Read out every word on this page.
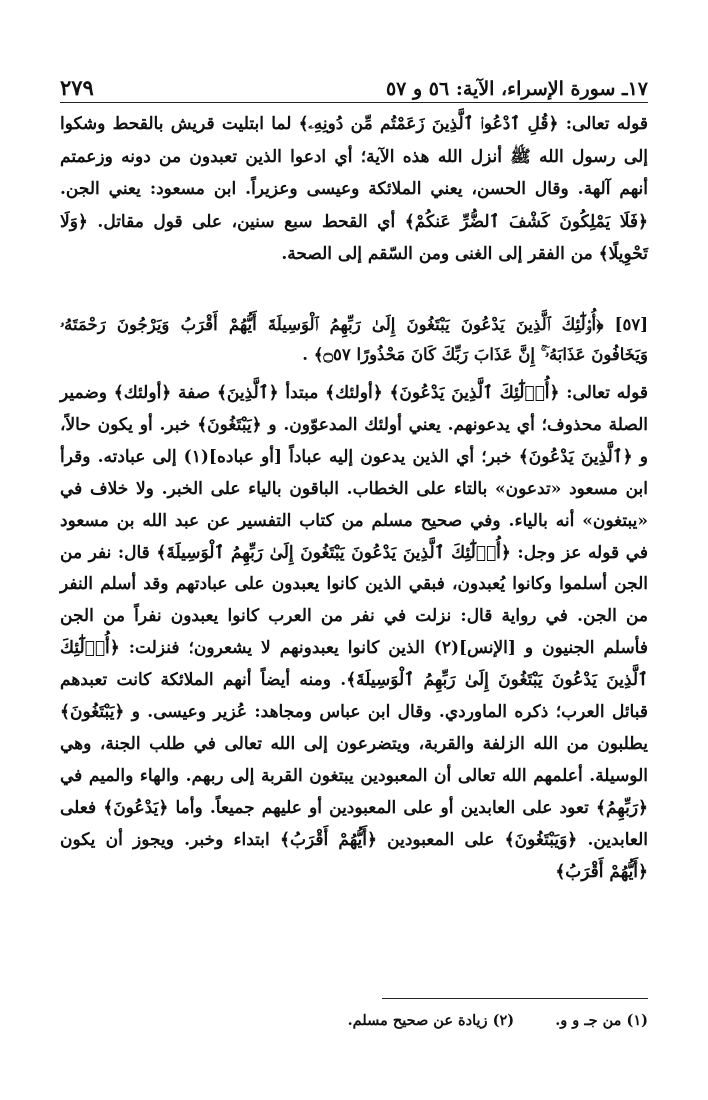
١٧ـ سورة الإسراء، الآية: ٥٦ و ٥٧
٢٧٩

قوله تعالى: ﴿قُلِ ٱدْعُوا۟ ٱلَّذِينَ زَعَمْتُم مِّن دُونِهِۦ﴾ لما ابتليت قريش بالقحط وشكوا إلى رسول الله ﷺ أنزل الله هذه الآية؛ أي ادعوا الذين تعبدون من دونه وزعمتم أنهم آلهة. وقال الحسن، يعني الملائكة وعيسى وعزيراً. ابن مسعود: يعني الجن. ﴿فَلَا يَمْلِكُونَ كَشْفَ ٱلضُّرِّ عَنكُمْ﴾ أي القحط سبع سنين، على قول مقاتل. ﴿وَلَا تَحْوِيلًا﴾ من الفقر إلى الغنى ومن السّقم إلى الصحة.

[٥٧] ﴿أُو۟لَٰٓئِكَ ٱلَّذِينَ يَدْعُونَ يَبْتَغُونَ إِلَىٰ رَبِّهِمُ ٱلْوَسِيلَةَ أَيُّهُمْ أَقْرَبُ وَيَرْجُونَ رَحْمَتَهُۥ وَيَخَافُونَ عَذَابَهُۥٓ ۚ إِنَّ عَذَابَ رَبِّكَ كَانَ مَحْذُورًا ۝٥٧﴾ .

قوله تعالى: ﴿أُو۟لَٰٓئِكَ ٱلَّذِينَ يَدْعُونَ﴾ ﴿أولئك﴾ مبتدأ ﴿ٱلَّذِينَ﴾ صفة ﴿أولئك﴾ وضمير الصلة محذوف؛ أي يدعونهم. يعني أولئك المدعوّون. و ﴿يَبْتَغُونَ﴾ خبر. أو يكون حالاً، و ﴿ٱلَّذِينَ يَدْعُونَ﴾ خبر؛ أي الذين يدعون إليه عباداً [أو عباده](١) إلى عبادته. وقرأ ابن مسعود «تدعون» بالتاء على الخطاب. الباقون بالياء على الخبر. ولا خلاف في «يبتغون» أنه بالياء. وفي صحيح مسلم من كتاب التفسير عن عبد الله بن مسعود في قوله عز وجل: ﴿أُو۟لَٰٓئِكَ ٱلَّذِينَ يَدْعُونَ يَبْتَغُونَ إِلَىٰ رَبِّهِمُ ٱلْوَسِيلَةَ﴾ قال: نفر من الجن أسلموا وكانوا يُعبدون، فبقي الذين كانوا يعبدون على عبادتهم وقد أسلم النفر من الجن. في رواية قال: نزلت في نفر من العرب كانوا يعبدون نفراً من الجن فأسلم الجنيون و [الإنس](٢) الذين كانوا يعبدونهم لا يشعرون؛ فنزلت: ﴿أُو۟لَٰٓئِكَ ٱلَّذِينَ يَدْعُونَ يَبْتَغُونَ إِلَىٰ رَبِّهِمُ ٱلْوَسِيلَةَ﴾. ومنه أيضاً أنهم الملائكة كانت تعبدهم قبائل العرب؛ ذكره الماوردي. وقال ابن عباس ومجاهد: عُزير وعيسى. و ﴿يَبْتَغُونَ﴾ يطلبون من الله الزلفة والقربة، ويتضرعون إلى الله تعالى في طلب الجنة، وهي الوسيلة. أعلمهم الله تعالى أن المعبودين يبتغون القربة إلى ربهم. والهاء والميم في ﴿رَبِّهِمُ﴾ تعود على العابدين أو على المعبودين أو عليهم جميعاً. وأما ﴿يَدْعُونَ﴾ فعلى العابدين. ﴿وَيَبْتَغُونَ﴾ على المعبودين ﴿أَيُّهُمْ أَقْرَبُ﴾ ابتداء وخبر. ويجوز أن يكون ﴿أَيُّهُمْ أَقْرَبُ﴾

(١) من جـ و و. (٢) زيادة عن صحيح مسلم.
